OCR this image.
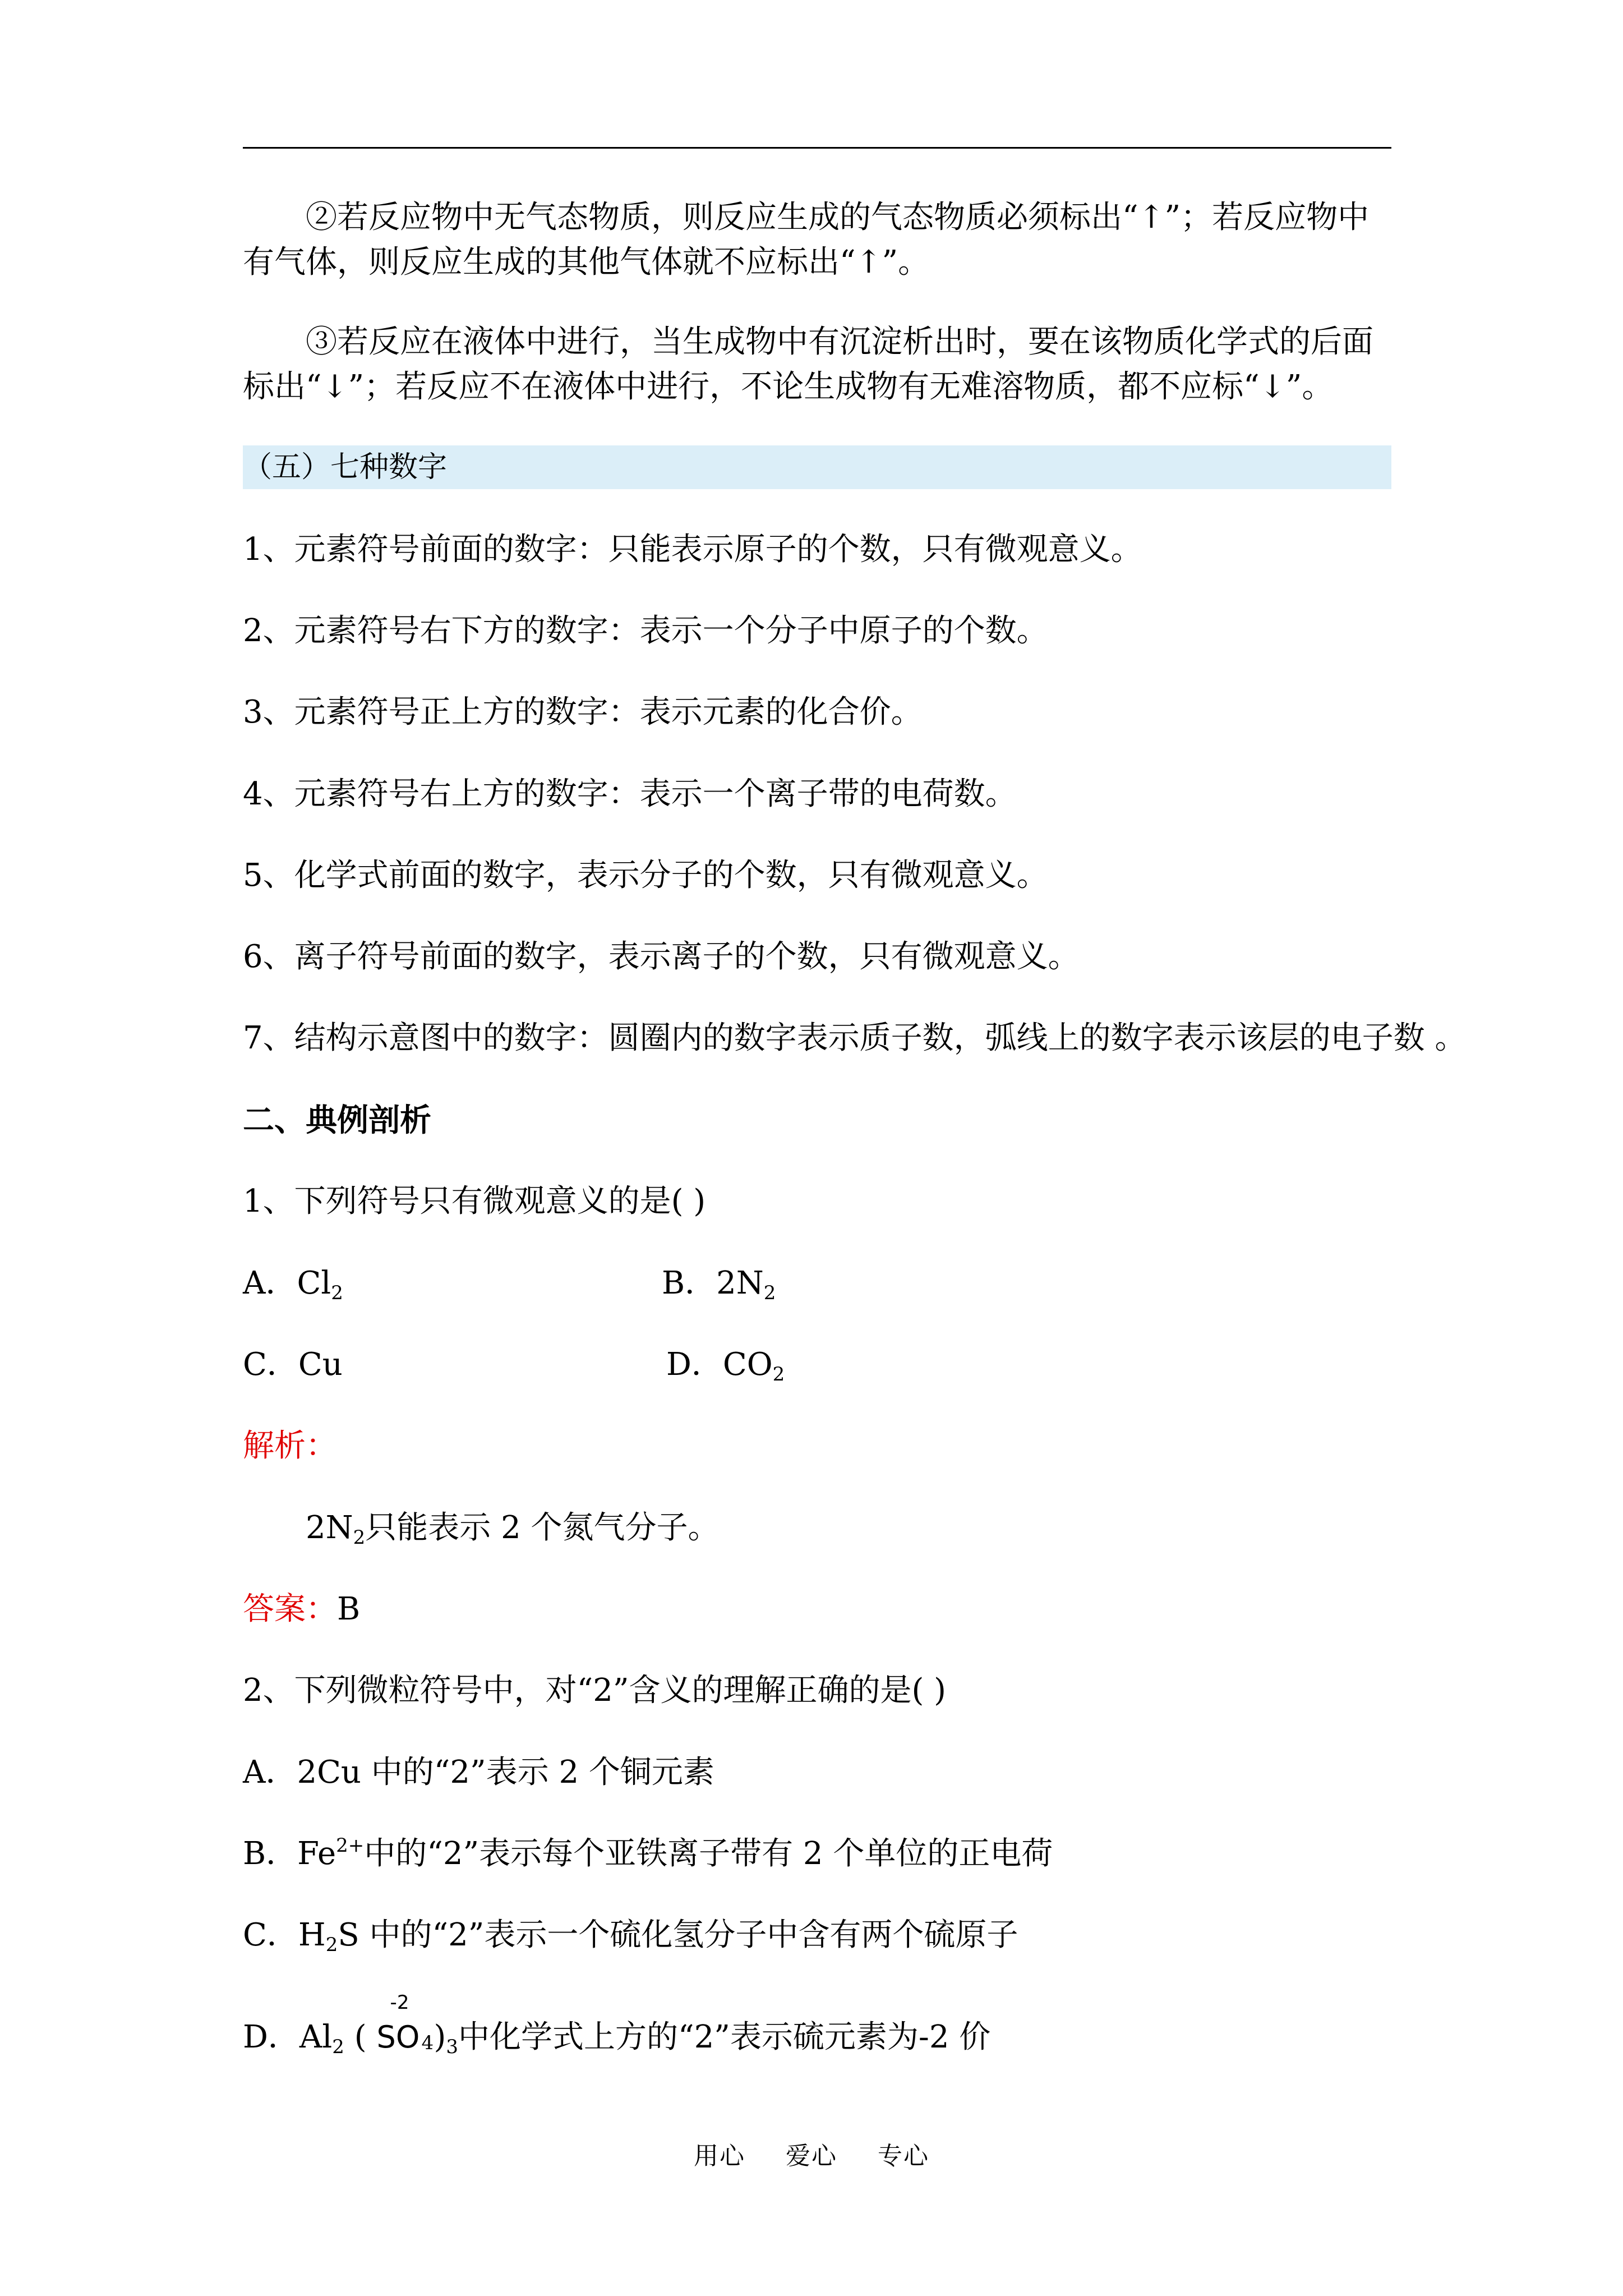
②若反应物中无气态物质，则反应生成的气态物质必须标出“↑”；若反应物中有气体，则反应生成的其他气体就不应标出“↑”。
③若反应在液体中进行，当生成物中有沉淀析出时，要在该物质化学式的后面标出“↓”；若反应不在液体中进行，不论生成物有无难溶物质，都不应标“↓”。
（五）七种数字
1、元素符号前面的数字：只能表示原子的个数，只有微观意义。
2、元素符号右下方的数字：表示一个分子中原子的个数。
3、元素符号正上方的数字：表示元素的化合价。
4、元素符号右上方的数字：表示一个离子带的电荷数。
5、化学式前面的数字，表示分子的个数，只有微观意义。
6、离子符号前面的数字，表示离子的个数，只有微观意义。
7、结构示意图中的数字：圆圈内的数字表示质子数，弧线上的数字表示该层的电子数 。
二、典例剖析
1、下列符号只有微观意义的是( )
A．$Cl_2$	B．$2N_2$
C．Cu	D．$CO_2$
解析：
$2N_2$只能表示 2 个氮气分子。
答案：B
2、下列微粒符号中，对“2”含义的理解正确的是( )
A．2Cu 中的“2”表示 2 个铜元素
B．$Fe^{2+}$中的“2”表示每个亚铁离子带有 2 个单位的正电荷
C．$H_2S$ 中的“2”表示一个硫化氢分子中含有两个硫原子
D．$Al_2$ (
-2
SO 4 )$_3$中化学式上方的“2”表示硫元素为-2 价
用心 爱心 专心
